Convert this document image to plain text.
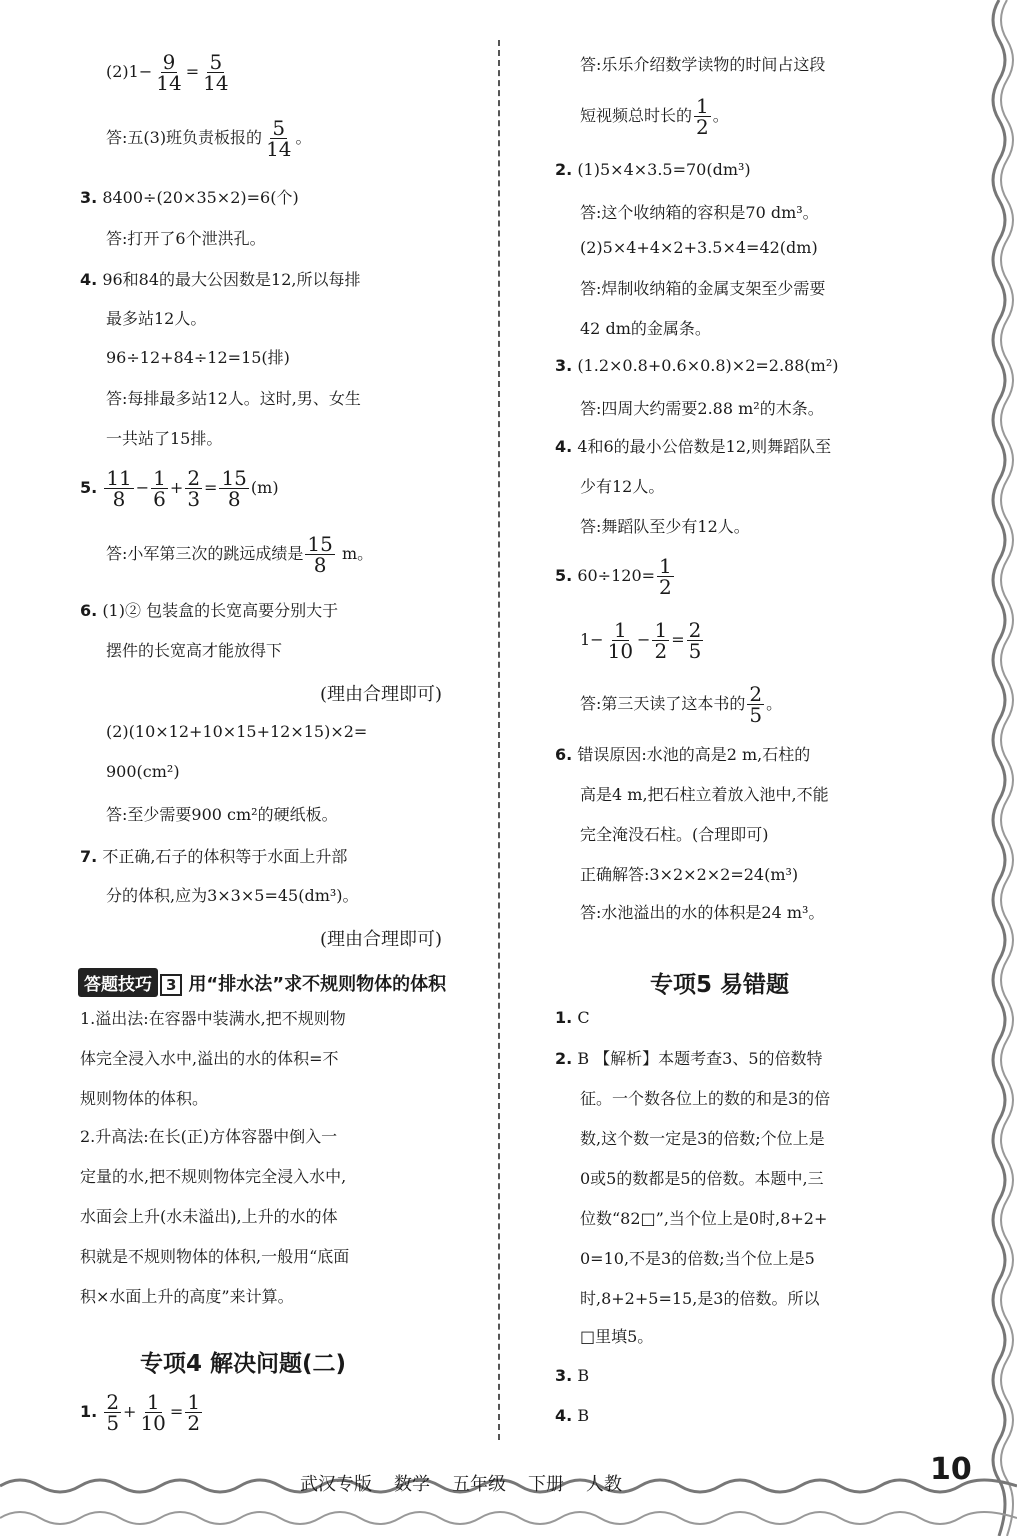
$(2)1- \frac{9}{14} = \frac{5}{14}$
答:五(3)班负责板报的 $\frac{5}{14}$ 。
3. 8400÷(20×35×2)=6(个)
答:打开了6个泄洪孔。
4. 96和84的最大公因数是12,所以每排
最多站12人。
96÷12+84÷12=15(排)
答:每排最多站12人。这时,男、女生
一共站了15排。
5. $\frac{11}{8} - \frac{1}{6} + \frac{2}{3} = \frac{15}{8} (m)$
答:小军第三次的跳远成绩是 $\frac{15}{8}$ m。
6. (1)② 包装盒的长宽高要分别大于
摆件的长宽高才能放得下
(理由合理即可)
(2)(10×12+10×15+12×15)×2=
900(cm²)
答:至少需要900 cm²的硬纸板。
7. 不正确,石子的体积等于水面上升部
分的体积,应为3×3×5=45(dm³)。
(理由合理即可)
答题技巧 3 用“排水法”求不规则物体的体积
1.溢出法:在容器中装满水,把不规则物
体完全浸入水中,溢出的水的体积=不
规则物体的体积。
2.升高法:在长(正)方体容器中倒入一
定量的水,把不规则物体完全浸入水中,
水面会上升(水未溢出),上升的水的体
积就是不规则物体的体积,一般用“底面
积×水面上升的高度”来计算。
专项4 解决问题(二)
1. $\frac{2}{5} + \frac{1}{10} = \frac{1}{2}$
答:乐乐介绍数学读物的时间占这段
短视频总时长的 $\frac{1}{2}$ 。
2. (1)5×4×3.5=70(dm³)
答:这个收纳箱的容积是70 dm³。
(2)5×4+4×2+3.5×4=42(dm)
答:焊制收纳箱的金属支架至少需要
42 dm的金属条。
3. (1.2×0.8+0.6×0.8)×2=2.88(m²)
答:四周大约需要2.88 m²的木条。
4. 4和6的最小公倍数是12,则舞蹈队至
少有12人。
答:舞蹈队至少有12人。
5. $60\div 120= \frac{1}{2}$
$1- \frac{1}{10} - \frac{1}{2} = \frac{2}{5}$
答:第三天读了这本书的 $\frac{2}{5}$ 。
6. 错误原因:水池的高是2 m,石柱的
高是4 m,把石柱立着放入池中,不能
完全淹没石柱。(合理即可)
正确解答:3×2×2×2=24(m³)
答:水池溢出的水的体积是24 m³。
专项5 易错题
1. C
2. B 【解析】本题考查3、5的倍数特
征。一个数各位上的数的和是3的倍
数,这个数一定是3的倍数;个位上是
0或5的数都是5的倍数。本题中,三
位数“82□”,当个位上是0时,8+2+
0=10,不是3的倍数;当个位上是5
时,8+2+5=15,是3的倍数。所以
□里填5。
3. B
4. B
武汉专版 数学 五年级 下册 人教	10
